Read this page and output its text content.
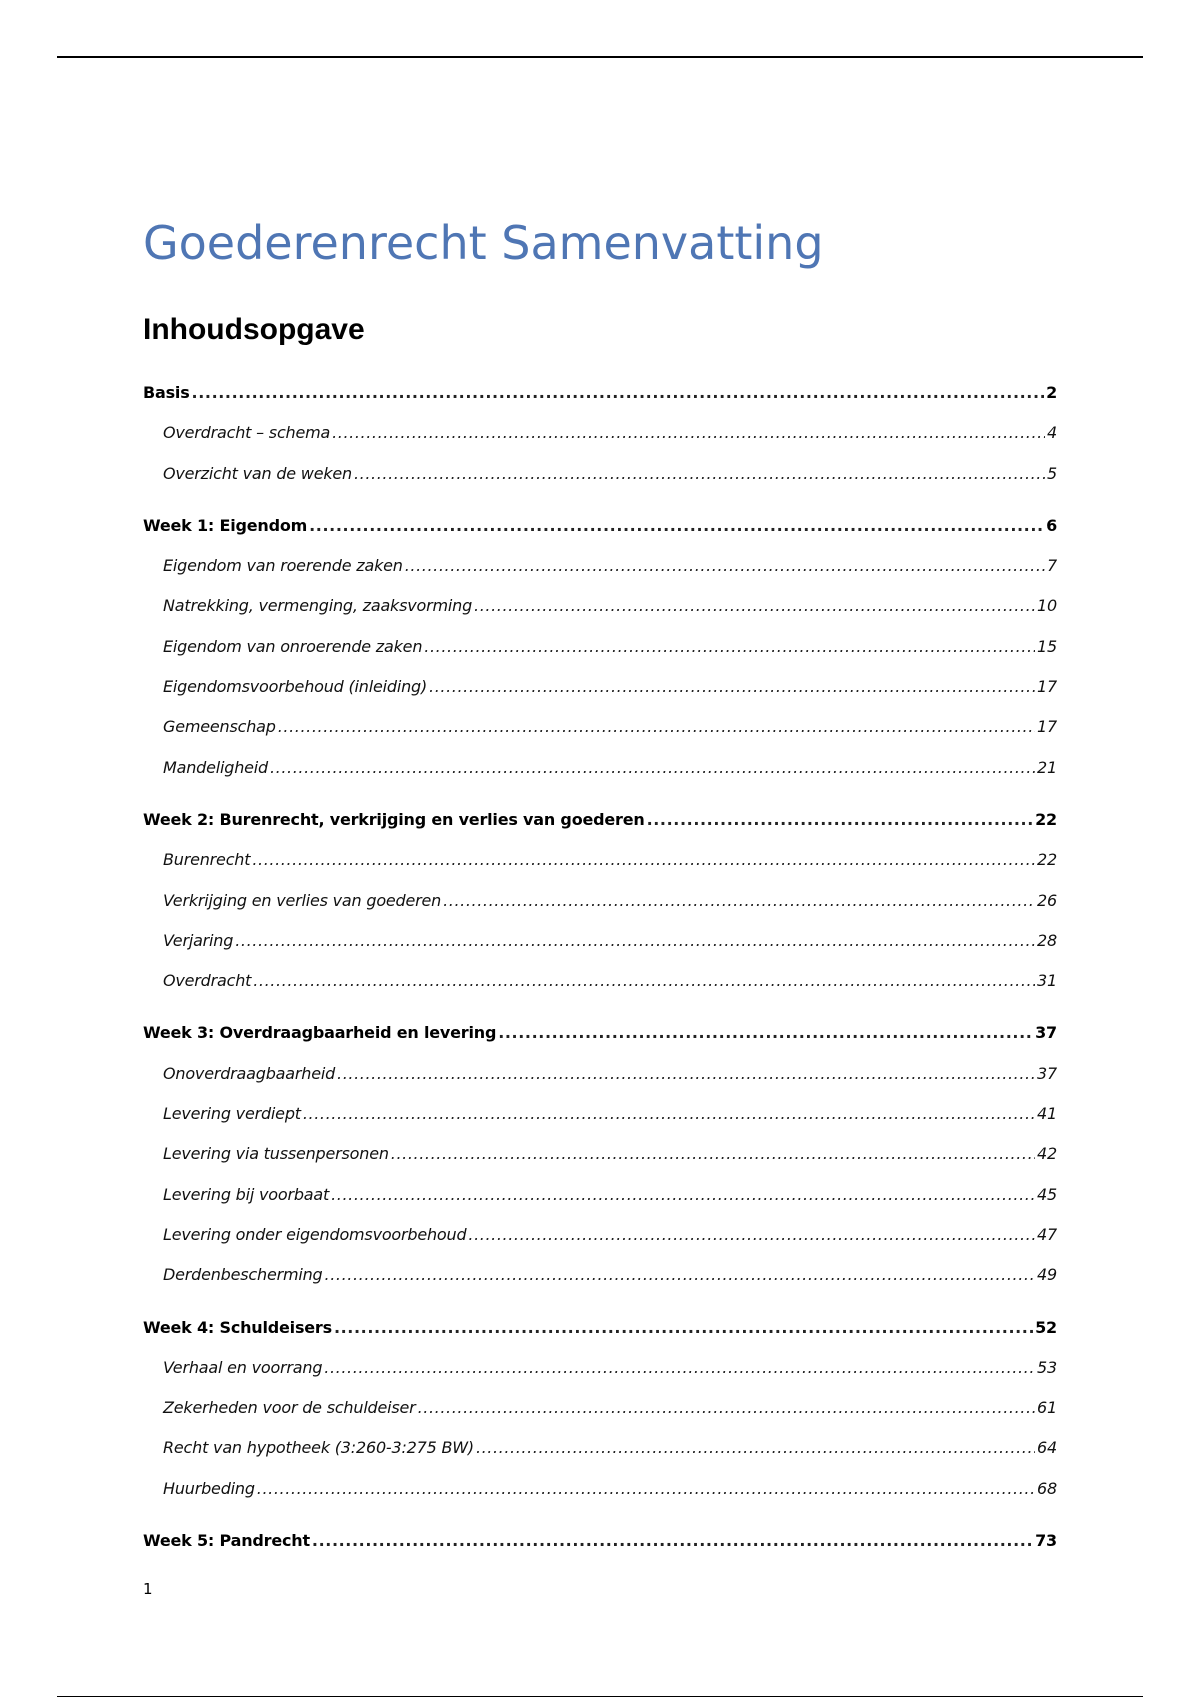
Goederenrecht Samenvatting
Inhoudsopgave
Basis .....	2
Overdracht – schema .....	4
Overzicht van de weken .....	5
Week 1: Eigendom .....	6
Eigendom van roerende zaken .....	7
Natrekking, vermenging, zaaksvorming .....	10
Eigendom van onroerende zaken .....	15
Eigendomsvoorbehoud (inleiding) .....	17
Gemeenschap .....	17
Mandeligheid .....	21
Week 2: Burenrecht, verkrijging en verlies van goederen .....	22
Burenrecht .....	22
Verkrijging en verlies van goederen .....	26
Verjaring .....	28
Overdracht .....	31
Week 3: Overdraagbaarheid en levering .....	37
Onoverdraagbaarheid .....	37
Levering verdiept .....	41
Levering via tussenpersonen .....	42
Levering bij voorbaat .....	45
Levering onder eigendomsvoorbehoud .....	47
Derdenbescherming .....	49
Week 4: Schuldeisers .....	52
Verhaal en voorrang .....	53
Zekerheden voor de schuldeiser .....	61
Recht van hypotheek (3:260-3:275 BW) .....	64
Huurbeding .....	68
Week 5: Pandrecht .....	73
1
